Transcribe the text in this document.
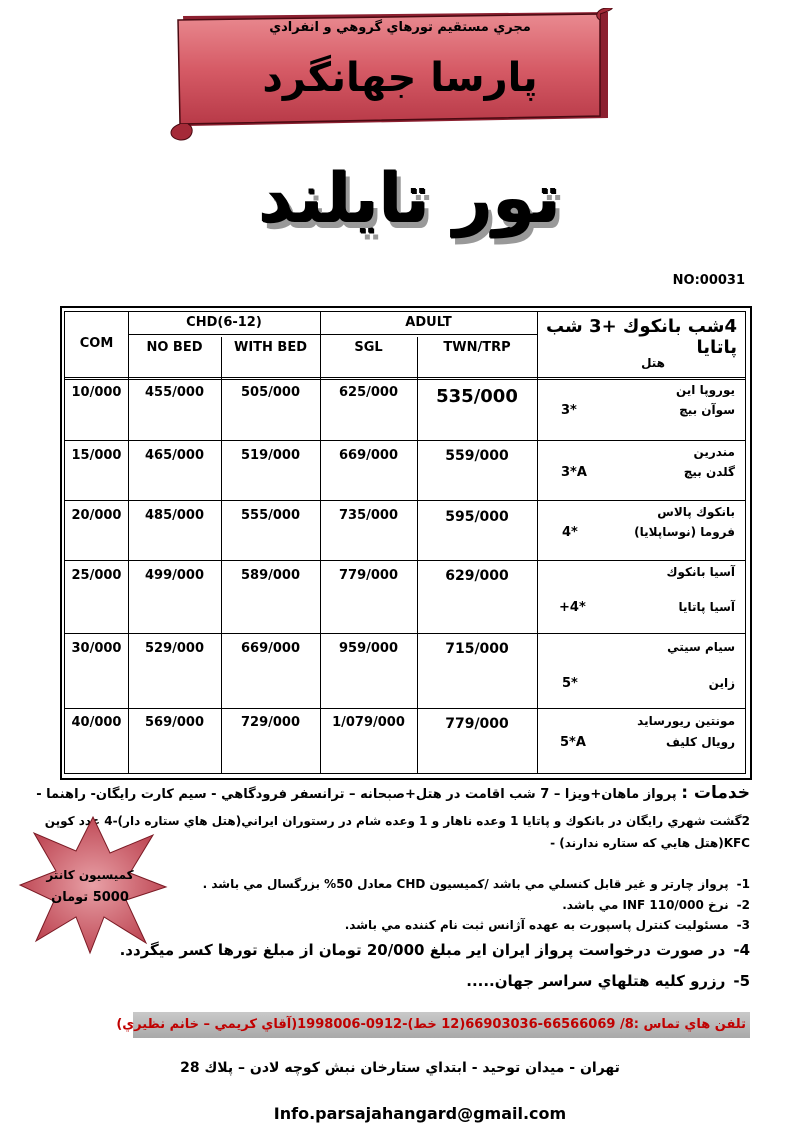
مجري مستقيم تورهاي گروهي و انفرادي
پارسا جهانگرد
تور تايلند
NO:00031
4شب بانكوك +3 شب پاتايا
هتل
ADULT
CHD(6-12)
TWN/TRP
SGL
WITH BED
NO BED
COM
يوروپا اين
سوآن بيچ
3*
535/000
625/000
505/000
455/000
10/000
مندرين
گلدن بيچ
3*A
559/000
669/000
519/000
465/000
15/000
بانكوك پالاس
فروما (نوساپلايا)
4*
595/000
735/000
555/000
485/000
20/000
آسيا بانكوك
آسيا پاتايا
+4*
629/000
779/000
589/000
499/000
25/000
سيام سيتي
زاين
5*
715/000
959/000
669/000
529/000
30/000
مونتين ريورسايد
رويال كليف
5*A
779/000
1/079/000
729/000
569/000
40/000
خدمات : پرواز ماهان+ويزا – 7 شب اقامت در هتل+صبحانه – ترانسفر فرودگاهي - سيم كارت رايگان- راهنما -
2گشت شهري رايگان در بانكوك و پاتايا 1 وعده ناهار و 1 وعده شام در رستوران ايراني(هتل هاي ستاره دار)-4 عدد كوپن
KFC(هتل هايي كه ستاره ندارند) -
كميسيون كانتر
5000 تومان
1-
پرواز چارتر و غير قابل كنسلي مي باشد /كميسيون CHD معادل 50% بزرگسال مي باشد .
2-
نرخ INF 110/000 مي باشد.
3-
مسئوليت كنترل پاسپورت به عهده آژانس ثبت نام كننده مي باشد.
4-
در صورت درخواست پرواز ايران اير مبلغ 20/000 تومان از مبلغ تورها كسر ميگردد.
5-
رزرو كليه هتلهاي سراسر جهان.....
تلفن هاي تماس :8/ 66566069-66903036(12 خط)-0912-1998006(آقاي كريمي – خانم نظيري)
تهران - ميدان توحيد - ابتداي ستارخان نبش كوچه لادن – پلاك 28
Info.parsajahangard@gmail.com
